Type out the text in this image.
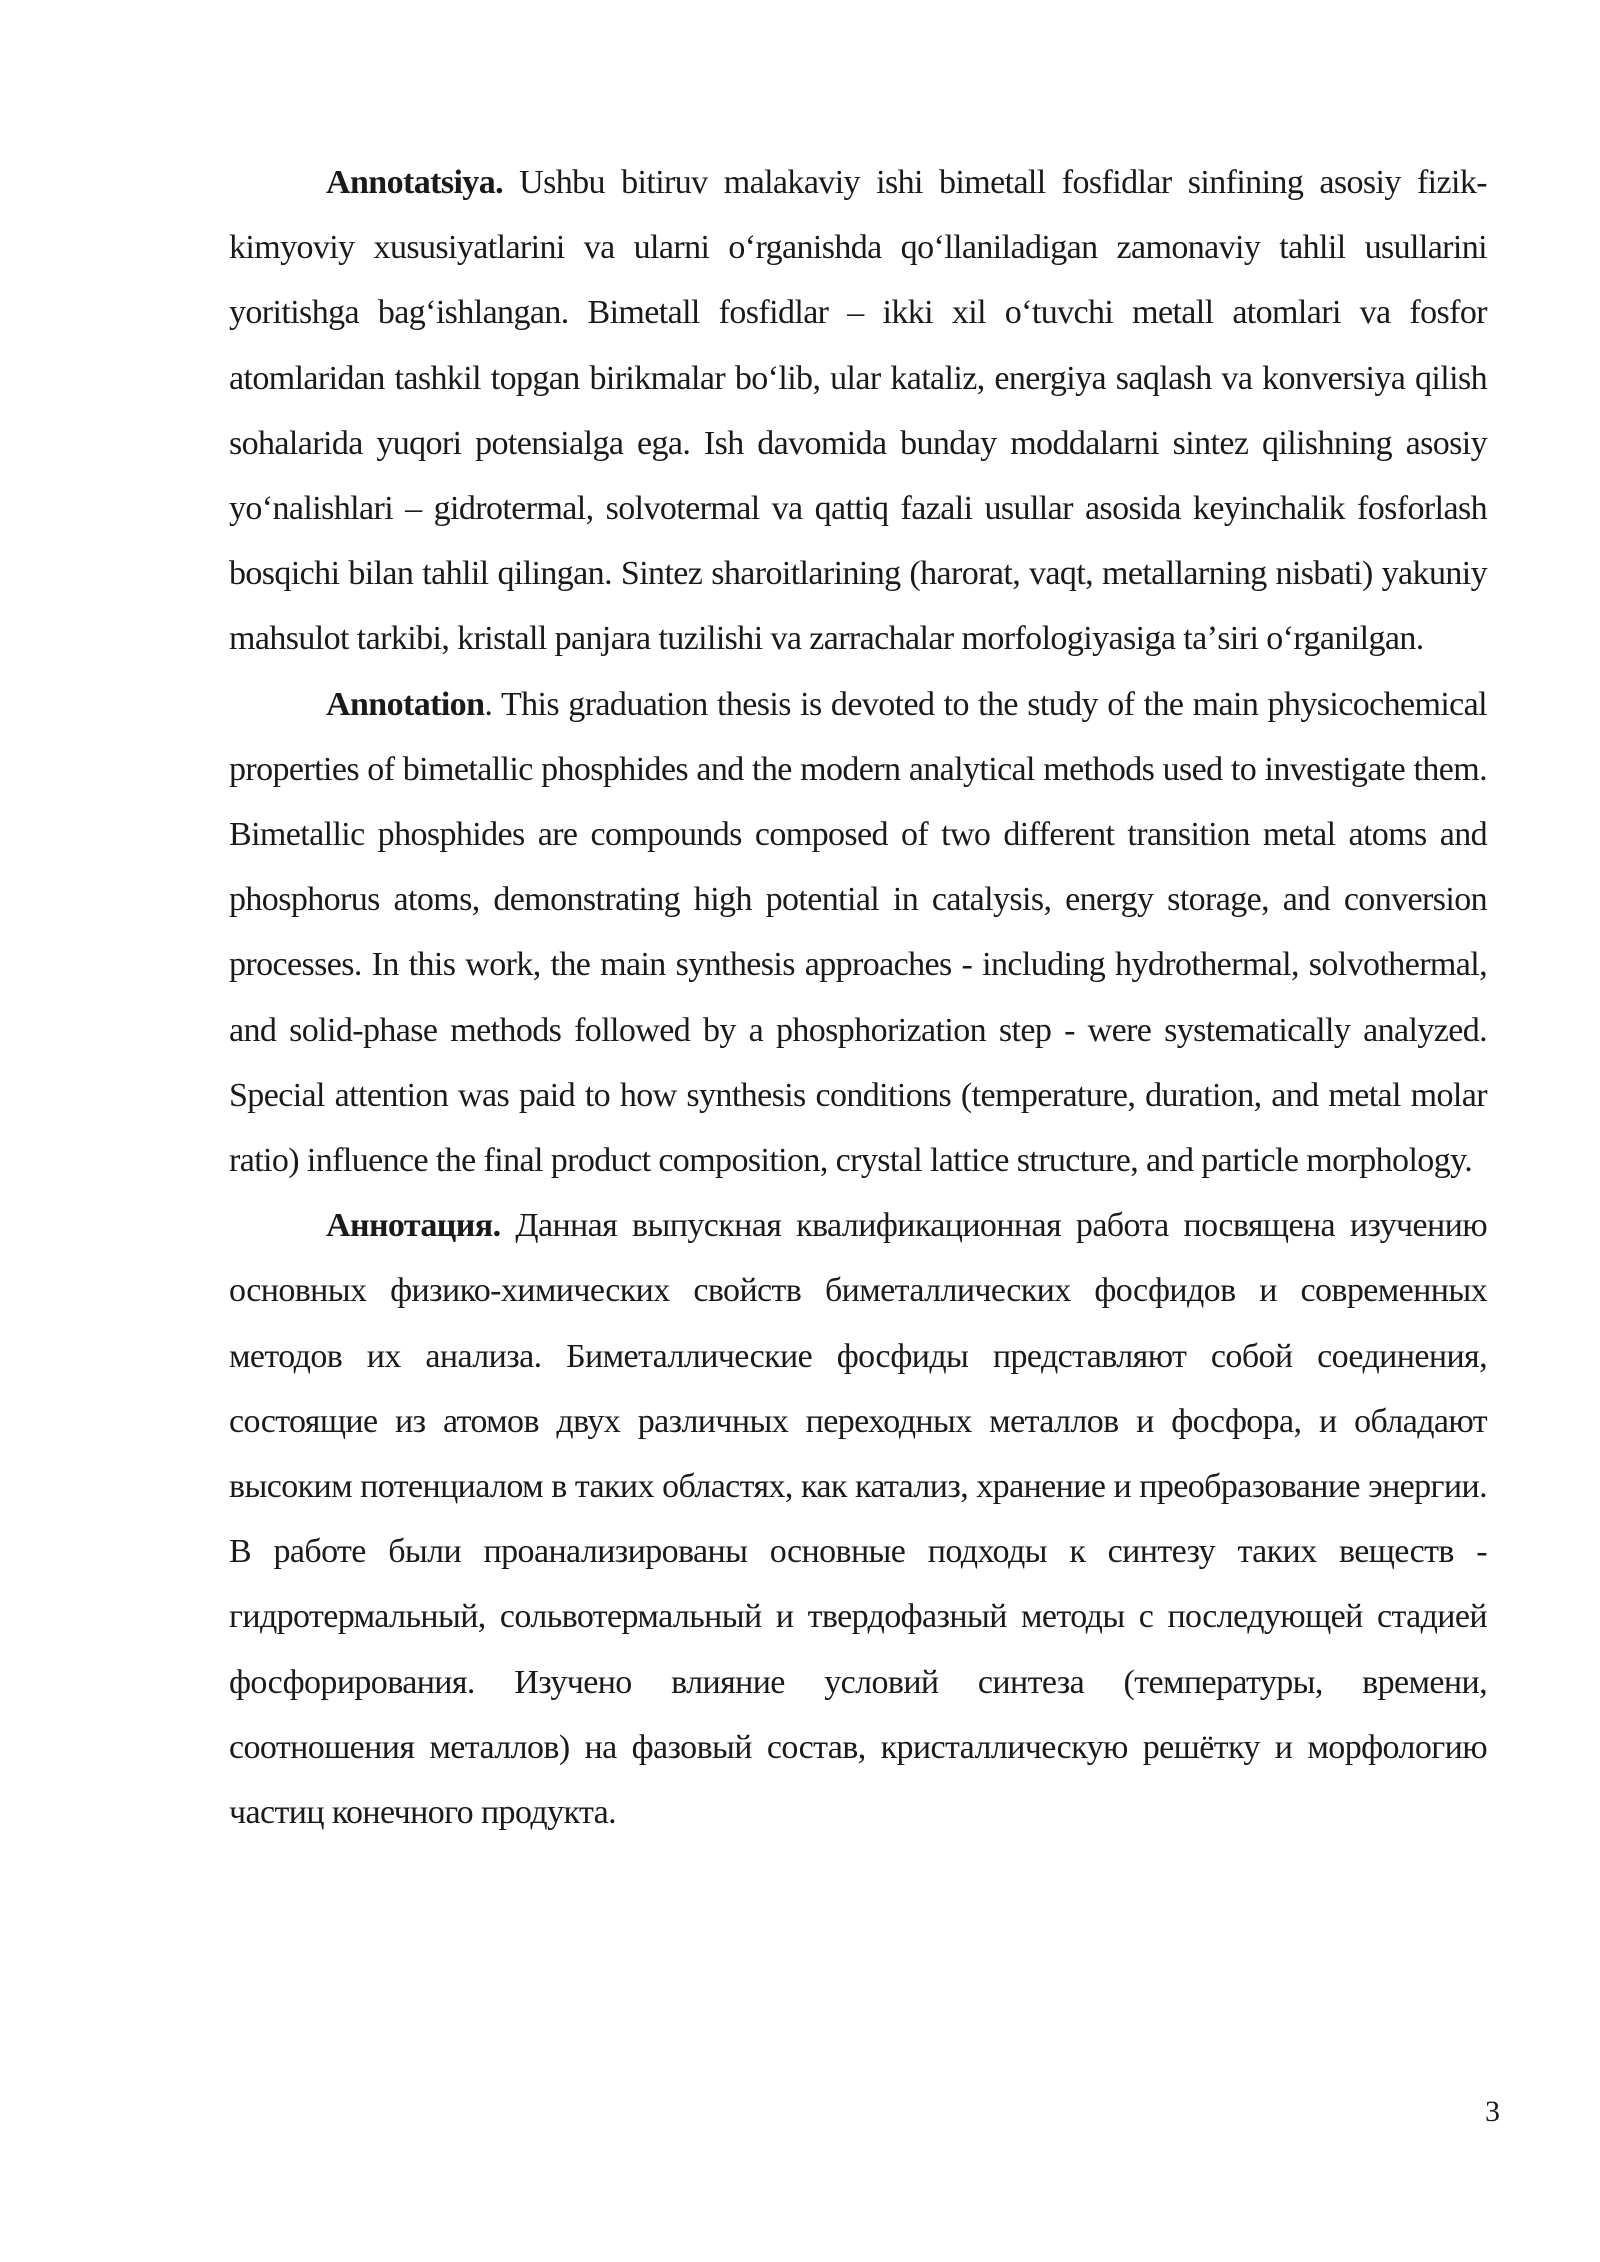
Annotatsiya. Ushbu bitiruv malakaviy ishi bimetall fosfidlar sinfining asosiy fizik-kimyoviy xususiyatlarini va ularni oʻrganishda qoʻllaniladigan zamonaviy tahlil usullarini yoritishga bagʻishlangan. Bimetall fosfidlar – ikki xil oʻtuvchi metall atomlari va fosfor atomlaridan tashkil topgan birikmalar boʻlib, ular kataliz, energiya saqlash va konversiya qilish sohalarida yuqori potensialga ega. Ish davomida bunday moddalarni sintez qilishning asosiy yoʻnalishlari – gidrotermal, solvotermal va qattiq fazali usullar asosida keyinchalik fosforlash bosqichi bilan tahlil qilingan. Sintez sharoitlarining (harorat, vaqt, metallarning nisbati) yakuniy mahsulot tarkibi, kristall panjara tuzilishi va zarrachalar morfologiyasiga taʼsiri oʻrganilgan.

Annotation. This graduation thesis is devoted to the study of the main physicochemical properties of bimetallic phosphides and the modern analytical methods used to investigate them. Bimetallic phosphides are compounds composed of two different transition metal atoms and phosphorus atoms, demonstrating high potential in catalysis, energy storage, and conversion processes. In this work, the main synthesis approaches - including hydrothermal, solvothermal, and solid-phase methods followed by a phosphorization step - were systematically analyzed. Special attention was paid to how synthesis conditions (temperature, duration, and metal molar ratio) influence the final product composition, crystal lattice structure, and particle morphology.

Аннотация. Данная выпускная квалификационная работа посвящена изучению основных физико-химических свойств биметаллических фосфидов и современных методов их анализа. Биметаллические фосфиды представляют собой соединения, состоящие из атомов двух различных переходных металлов и фосфора, и обладают высоким потенциалом в таких областях, как катализ, хранение и преобразование энергии. В работе были проанализированы основные подходы к синтезу таких веществ - гидротермальный, сольвотермальный и твердофазный методы с последующей стадией фосфорирования. Изучено влияние условий синтеза (температуры, времени, соотношения металлов) на фазовый состав, кристаллическую решётку и морфологию частиц конечного продукта.

3
